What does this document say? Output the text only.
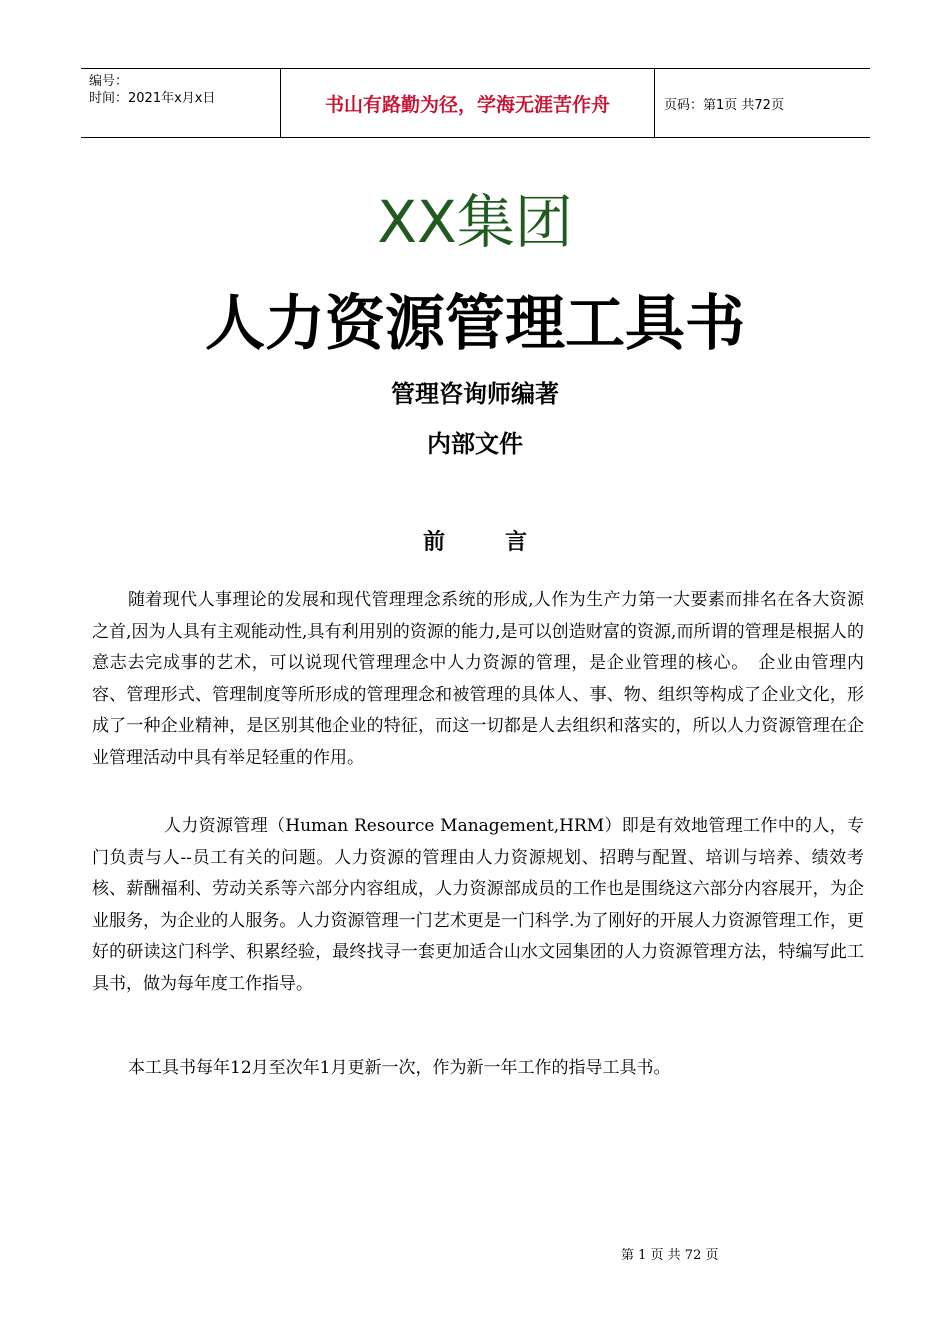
编号：
时间：2021年x月x日	书山有路勤为径，学海无涯苦作舟	页码：第1页 共72页
XX集团
人力资源管理工具书
管理咨询师编著
内部文件
前言

随着现代人事理论的发展和现代管理理念系统的形成,人作为生产力第一大要素而排名在各大资源之首,因为人具有主观能动性,具有利用别的资源的能力,是可以创造财富的资源,而所谓的管理是根据人的意志去完成事的艺术，可以说现代管理理念中人力资源的管理，是企业管理的核心。　企业由管理内容、管理形式、管理制度等所形成的管理理念和被管理的具体人、事、物、组织等构成了企业文化，形成了一种企业精神，是区别其他企业的特征，而这一切都是人去组织和落实的，所以人力资源管理在企业管理活动中具有举足轻重的作用。

人力资源管理（Human Resource Management,HRM）即是有效地管理工作中的人，专门负责与人--员工有关的问题。人力资源的管理由人力资源规划、招聘与配置、培训与培养、绩效考核、薪酬福利、劳动关系等六部分内容组成，人力资源部成员的工作也是围绕这六部分内容展开，为企业服务，为企业的人服务。人力资源管理一门艺术更是一门科学.为了刚好的开展人力资源管理工作，更好的研读这门科学、积累经验，最终找寻一套更加适合山水文园集团的人力资源管理方法，特编写此工具书，做为每年度工作指导。

本工具书每年12月至次年1月更新一次，作为新一年工作的指导工具书。

第 1 页 共 72 页
